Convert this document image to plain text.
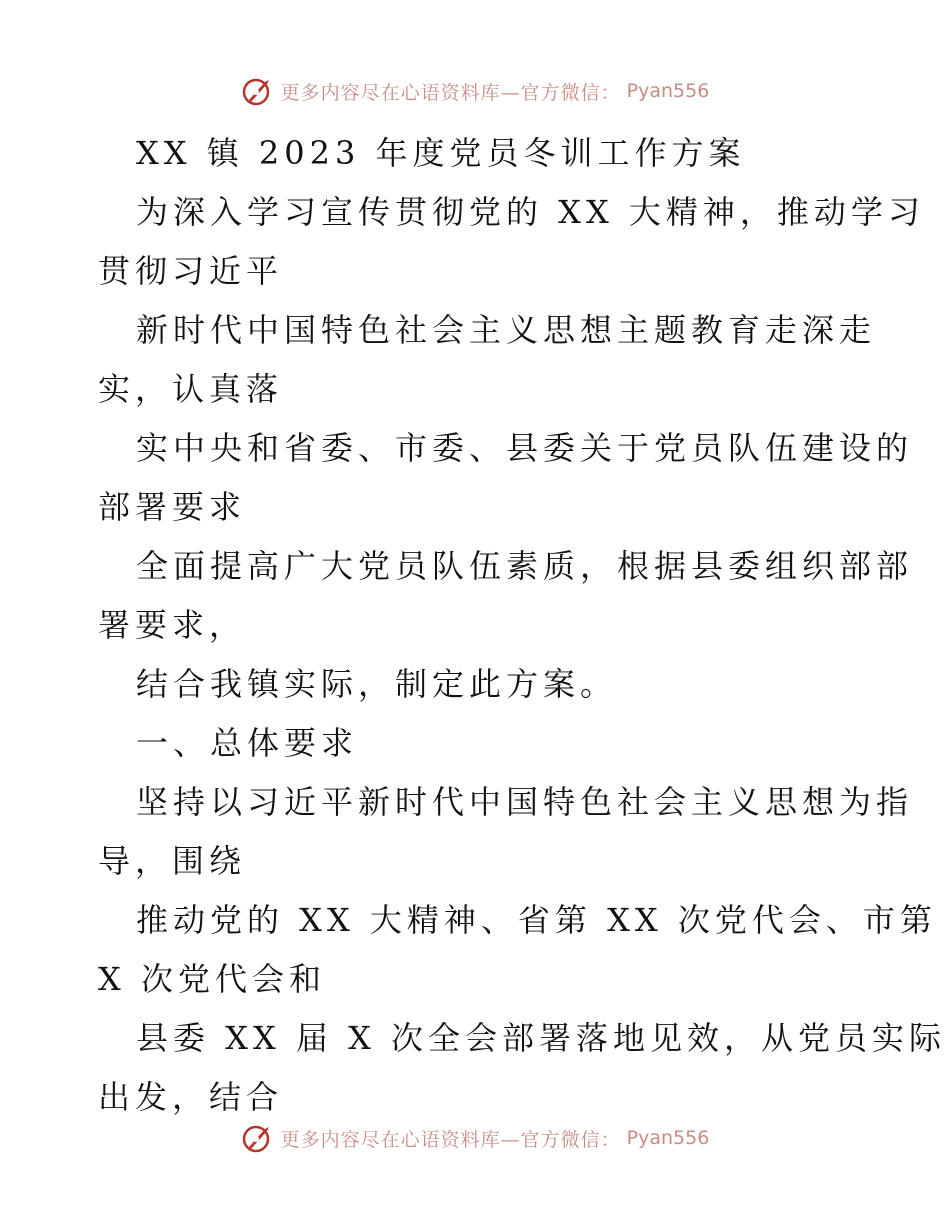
更多内容尽在心语资料库—官方微信： Pyan556
XX 镇 2023 年度党员冬训工作方案
为深入学习宣传贯彻党的 XX 大精神，推动学习
贯彻习近平
新时代中国特色社会主义思想主题教育走深走
实，认真落
实中央和省委、市委、县委关于党员队伍建设的
部署要求
全面提高广大党员队伍素质，根据县委组织部部
署要求，
结合我镇实际，制定此方案。
一、总体要求
坚持以习近平新时代中国特色社会主义思想为指
导，围绕
推动党的 XX 大精神、省第 XX 次党代会、市第
X 次党代会和
县委 XX 届 X 次全会部署落地见效，从党员实际
出发，结合
更多内容尽在心语资料库—官方微信： Pyan556
